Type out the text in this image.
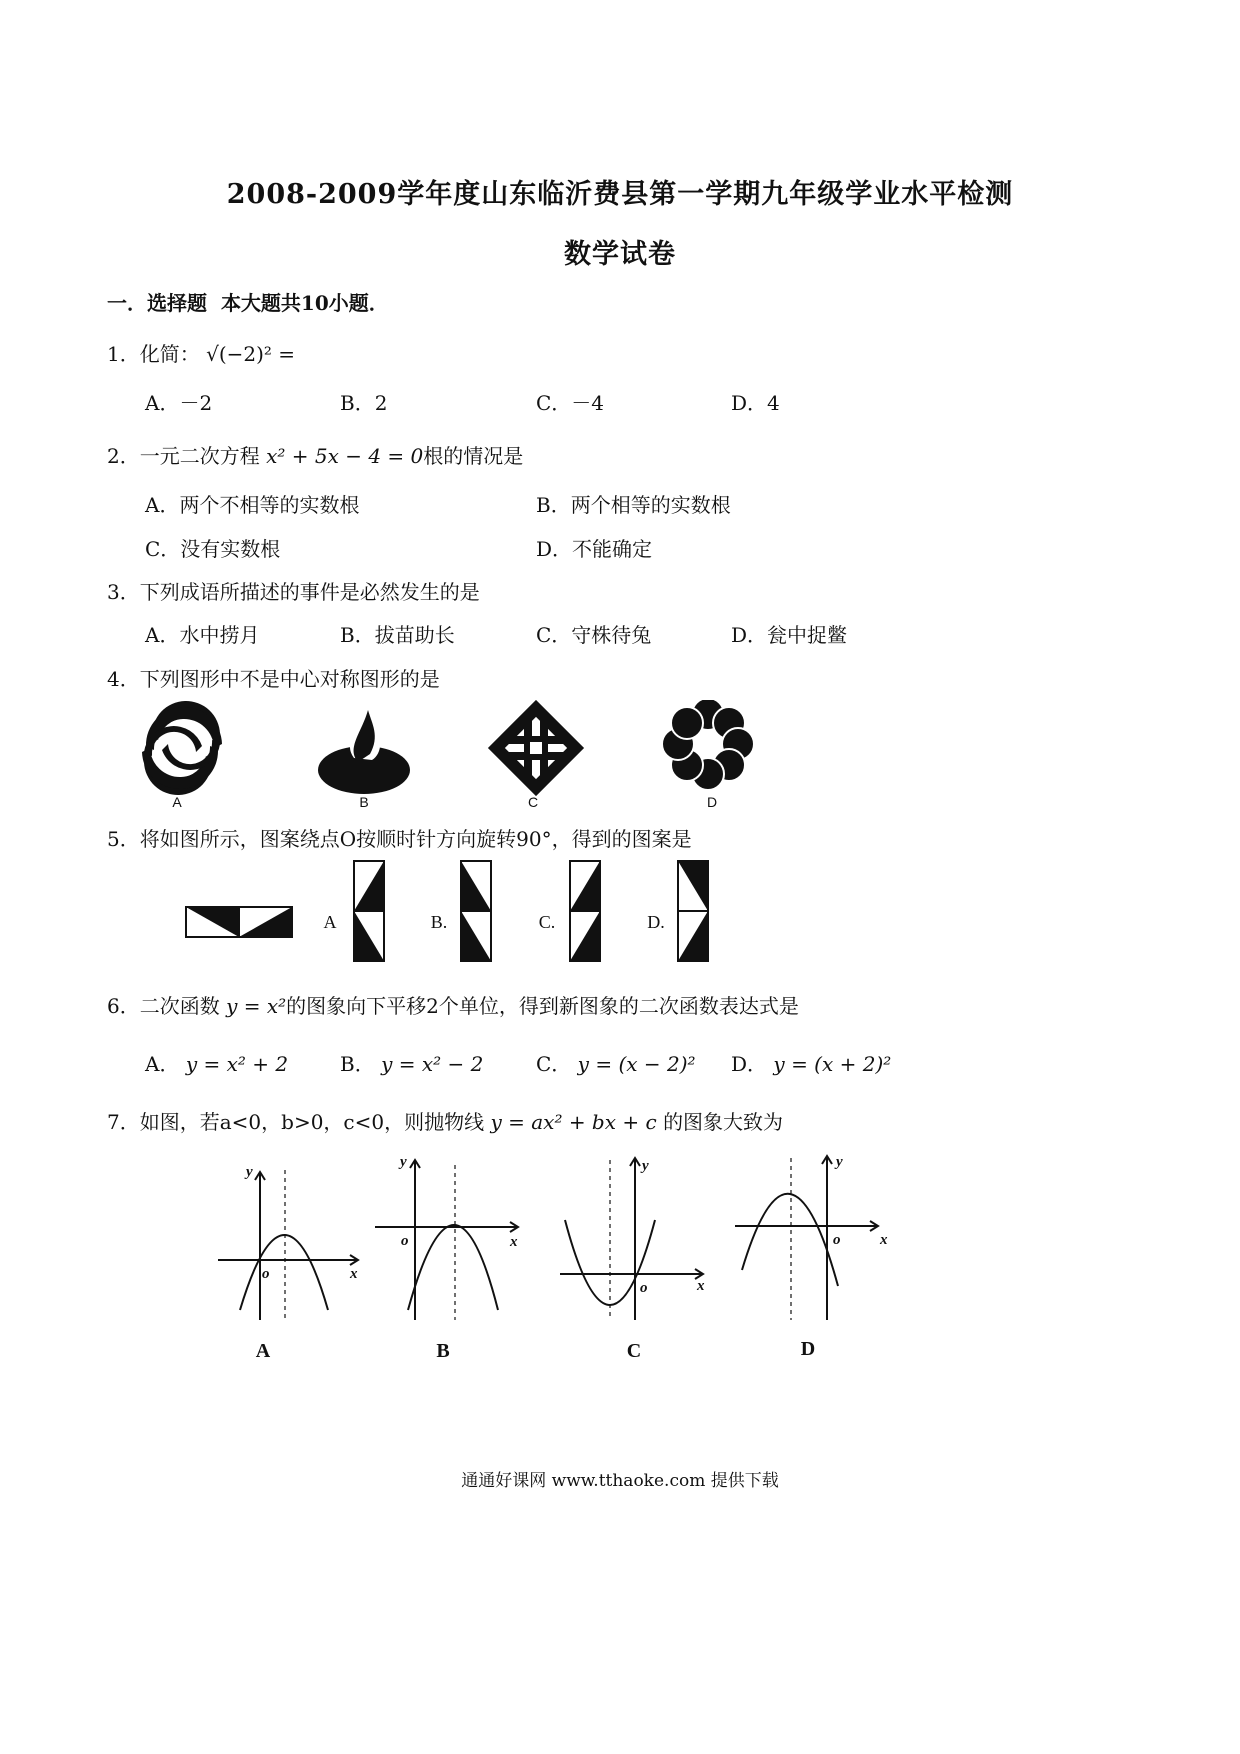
2008-2009学年度山东临沂费县第一学期九年级学业水平检测
数学试卷
一．选择题 本大题共10小题．
1．化简： √(−2)² =
A．－2	B．2	C．－4	D．4
2．一元二次方程 x² + 5x − 4 = 0根的情况是
A．两个不相等的实数根	B．两个相等的实数根
C．没有实数根	D．不能确定
3．下列成语所描述的事件是必然发生的是
A．水中捞月	B．拔苗助长	C．守株待兔	D．瓮中捉鳖
4．下列图形中不是中心对称图形的是
A	B	C	D
5．将如图所示，图案绕点O按顺时针方向旋转90°，得到的图案是
A	B.	C.	D.
6．二次函数 y = x²的图象向下平移2个单位，得到新图象的二次函数表达式是
A． y = x² + 2	B． y = x² − 2	C． y = (x − 2)² D． y = (x + 2)²
7．如图，若a<0，b>0，c<0，则抛物线 y = ax² + bx + c 的图象大致为
y
o	x
y
o	x
y
o	x
y
o	x
A	B	C	D
通通好课网 www.tthaoke.com 提供下载
